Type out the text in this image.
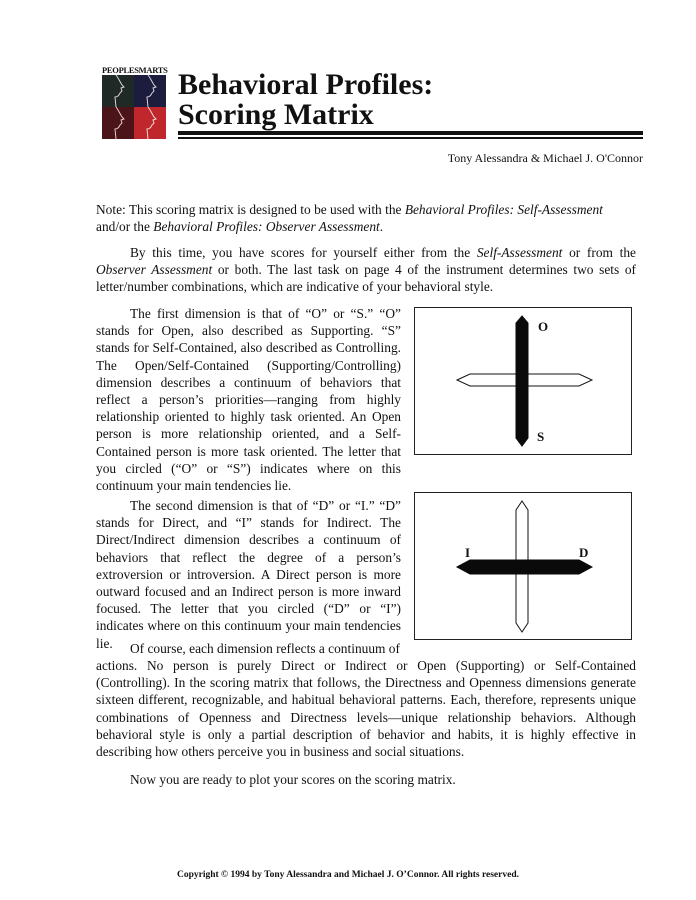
PEOPLESMARTS Behavioral Profiles:
Scoring Matrix
Tony Alessandra & Michael J. O'Connor
Note: This scoring matrix is designed to be used with the Behavioral Profiles: Self-Assessment
and/or the Behavioral Profiles: Observer Assessment.
By this time, you have scores for yourself either from the Self-Assessment or from the Observer Assessment or both. The last task on page 4 of the instrument determines two sets of letter/number combinations, which are indicative of your behavioral style.
The first dimension is that of “O” or “S.” “O” stands for Open, also described as Supporting. “S” stands for Self-Contained, also described as Controlling. The Open/Self-Contained (Supporting/Controlling) dimension describes a continuum of behaviors that reflect a person’s priorities—ranging from highly relationship oriented to highly task oriented. An Open person is more relationship oriented, and a Self-Contained person is more task oriented. The letter that you circled (“O” or “S”) indicates where on this continuum your main tendencies lie.
O
S
The second dimension is that of “D” or “I.” “D” stands for Direct, and “I” stands for Indirect. The Direct/Indirect dimension describes a continuum of behaviors that reflect the degree of a person’s extroversion or introversion. A Direct person is more outward focused and an Indirect person is more inward focused. The letter that you circled (“D” or “I”) indicates where on this continuum your main tendencies lie.
I	D
Of course, each dimension reflects a continuum of
actions. No person is purely Direct or Indirect or Open (Supporting) or Self-Contained (Controlling). In the scoring matrix that follows, the Directness and Openness dimensions generate sixteen different, recognizable, and habitual behavioral patterns. Each, therefore, represents unique combinations of Openness and Directness levels—unique relationship behaviors. Although behavioral style is only a partial description of behavior and habits, it is highly effective in describing how others perceive you in business and social situations.
Now you are ready to plot your scores on the scoring matrix.
Copyright © 1994 by Tony Alessandra and Michael J. O’Connor. All rights reserved.
